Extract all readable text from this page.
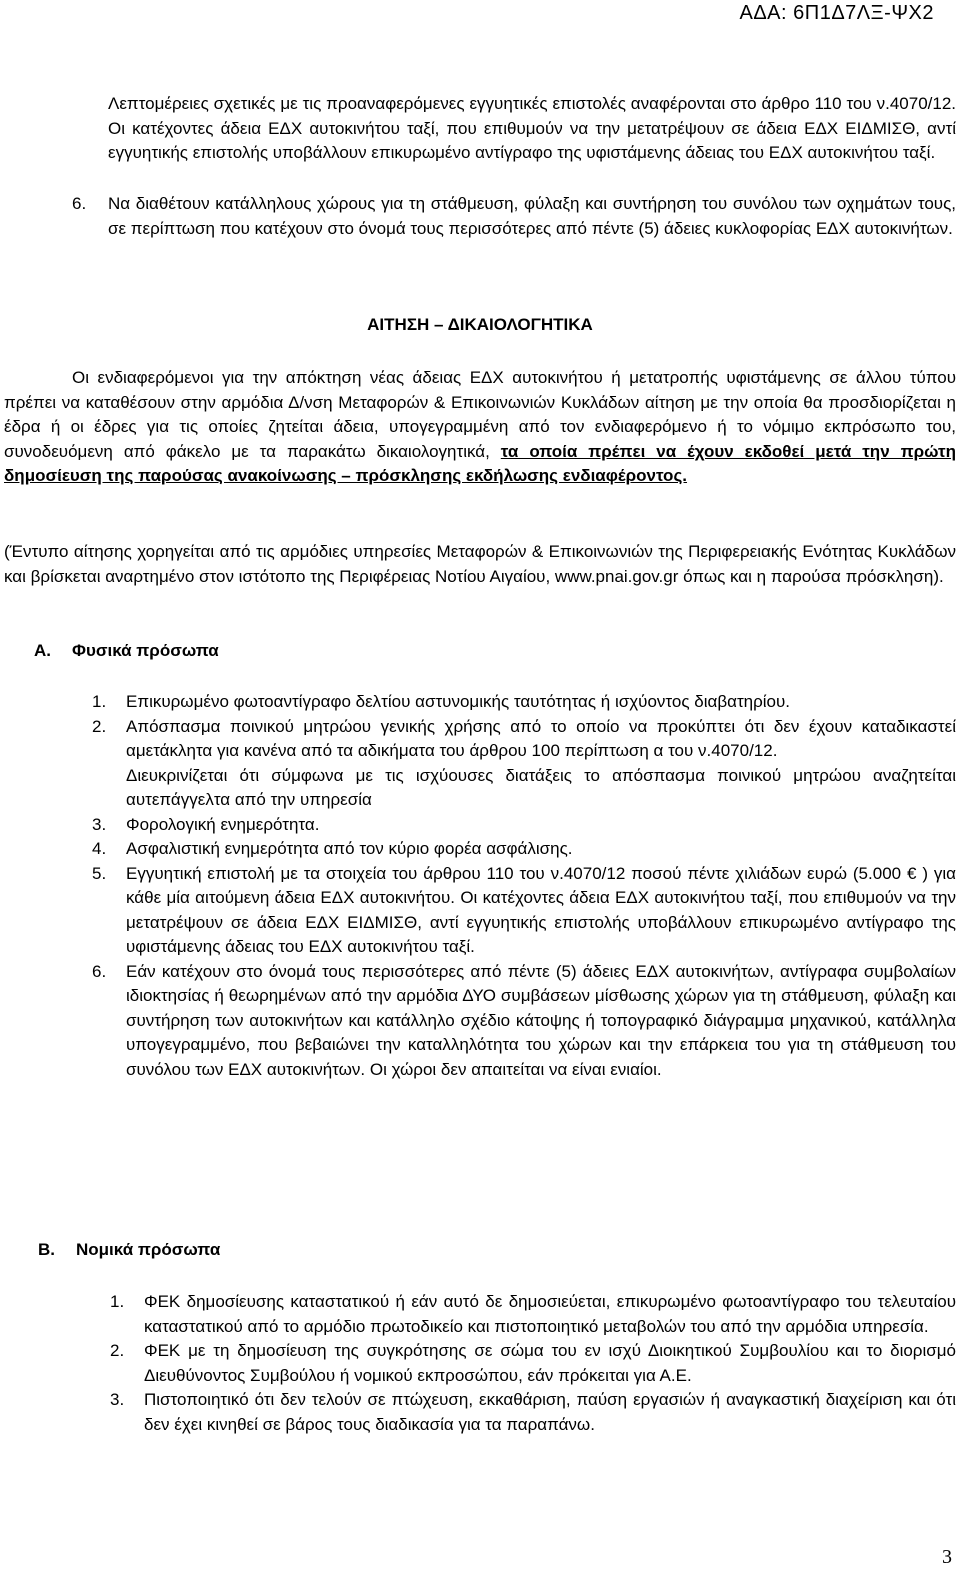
ΑΔΑ: 6Π1Δ7ΛΞ-ΨΧ2
Λεπτομέρειες σχετικές με τις προαναφερόμενες εγγυητικές επιστολές αναφέρονται στο άρθρο 110 του ν.4070/12. Οι κατέχοντες άδεια ΕΔΧ αυτοκινήτου ταξί, που επιθυμούν να την μετατρέψουν σε άδεια ΕΔΧ ΕΙΔΜΙΣΘ, αντί εγγυητικής επιστολής υποβάλλουν επικυρωμένο αντίγραφο της υφιστάμενης άδειας του ΕΔΧ αυτοκινήτου ταξί.
6. Να διαθέτουν κατάλληλους χώρους για τη στάθμευση, φύλαξη και συντήρηση του συνόλου των οχημάτων τους, σε περίπτωση που κατέχουν στο όνομά τους περισσότερες από πέντε (5) άδειες κυκλοφορίας ΕΔΧ αυτοκινήτων.
ΑΙΤΗΣΗ – ΔΙΚΑΙΟΛΟΓΗΤΙΚΑ
Οι ενδιαφερόμενοι για την απόκτηση νέας άδειας ΕΔΧ αυτοκινήτου ή μετατροπής υφιστάμενης σε άλλου τύπου πρέπει να καταθέσουν στην αρμόδια Δ/νση Μεταφορών & Επικοινωνιών Κυκλάδων αίτηση με την οποία θα προσδιορίζεται η έδρα ή οι έδρες για τις οποίες ζητείται άδεια, υπογεγραμμένη από τον ενδιαφερόμενο ή το νόμιμο εκπρόσωπο του, συνοδευόμενη από φάκελο με τα παρακάτω δικαιολογητικά, τα οποία πρέπει να έχουν εκδοθεί μετά την πρώτη δημοσίευση της παρούσας ανακοίνωσης – πρόσκλησης εκδήλωσης ενδιαφέροντος.
(Έντυπο αίτησης χορηγείται από τις αρμόδιες υπηρεσίες Μεταφορών & Επικοινωνιών της Περιφερειακής Ενότητας Κυκλάδων και βρίσκεται αναρτημένο στον ιστότοπο της Περιφέρειας Νοτίου Αιγαίου, www.pnai.gov.gr όπως και η παρούσα πρόσκληση).
Α. Φυσικά πρόσωπα
1. Επικυρωμένο φωτοαντίγραφο δελτίου αστυνομικής ταυτότητας ή ισχύοντος διαβατηρίου.
2. Απόσπασμα ποινικού μητρώου γενικής χρήσης από το οποίο να προκύπτει ότι δεν έχουν καταδικαστεί αμετάκλητα για κανένα από τα αδικήματα του άρθρου 100 περίπτωση α του ν.4070/12.
Διευκρινίζεται ότι σύμφωνα με τις ισχύουσες διατάξεις το απόσπασμα ποινικού μητρώου αναζητείται αυτεπάγγελτα από την υπηρεσία
3. Φορολογική ενημερότητα.
4. Ασφαλιστική ενημερότητα από τον κύριο φορέα ασφάλισης.
5. Εγγυητική επιστολή με τα στοιχεία του άρθρου 110 του ν.4070/12 ποσού πέντε χιλιάδων ευρώ (5.000 € ) για κάθε μία αιτούμενη άδεια ΕΔΧ αυτοκινήτου. Οι κατέχοντες άδεια ΕΔΧ αυτοκινήτου ταξί, που επιθυμούν να την μετατρέψουν σε άδεια ΕΔΧ ΕΙΔΜΙΣΘ, αντί εγγυητικής επιστολής υποβάλλουν επικυρωμένο αντίγραφο της υφιστάμενης άδειας του ΕΔΧ αυτοκινήτου ταξί.
6. Εάν κατέχουν στο όνομά τους περισσότερες από πέντε (5) άδειες ΕΔΧ αυτοκινήτων, αντίγραφα συμβολαίων ιδιοκτησίας ή θεωρημένων από την αρμόδια ΔΥΟ συμβάσεων μίσθωσης χώρων για τη στάθμευση, φύλαξη και συντήρηση των αυτοκινήτων και κατάλληλο σχέδιο κάτοψης ή τοπογραφικό διάγραμμα μηχανικού, κατάλληλα υπογεγραμμένο, που βεβαιώνει την καταλληλότητα του χώρων και την επάρκεια του για τη στάθμευση του συνόλου των ΕΔΧ αυτοκινήτων. Οι χώροι δεν απαιτείται να είναι ενιαίοι.
Β. Νομικά πρόσωπα
1. ΦΕΚ δημοσίευσης καταστατικού ή εάν αυτό δε δημοσιεύεται, επικυρωμένο φωτοαντίγραφο του τελευταίου καταστατικού από το αρμόδιο πρωτοδικείο και πιστοποιητικό μεταβολών του από την αρμόδια υπηρεσία.
2. ΦΕΚ με τη δημοσίευση της συγκρότησης σε σώμα του εν ισχύ Διοικητικού Συμβουλίου και το διορισμό Διευθύνοντος Συμβούλου ή νομικού εκπροσώπου, εάν πρόκειται για Α.Ε.
3. Πιστοποιητικό ότι δεν τελούν σε πτώχευση, εκκαθάριση, παύση εργασιών ή αναγκαστική διαχείριση και ότι δεν έχει κινηθεί σε βάρος τους διαδικασία για τα παραπάνω.
3
